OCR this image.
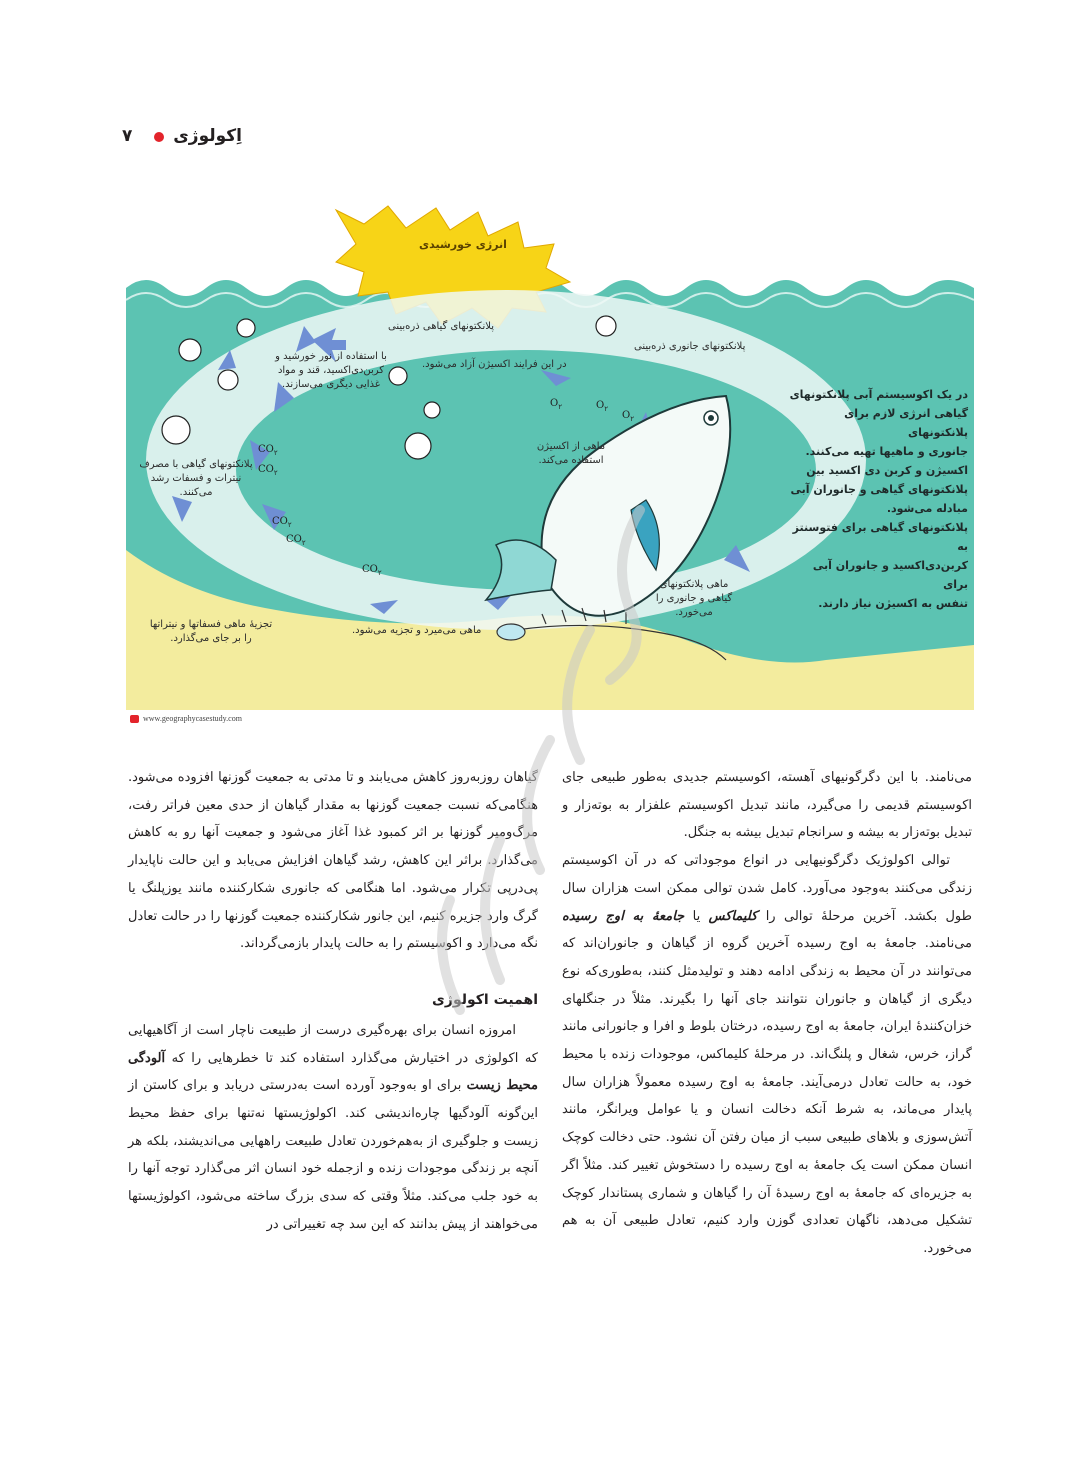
اِکولوژی
۷
انرژی خورشیدی
پلانکتونهای گیاهی ذره‌بینی
پلانکتونهای جانوری ذره‌بینی
در این فرایند اکسیژن آزاد می‌شود.
با استفاده از نور خورشید و کربن‌دی‌اکسید، قند و مواد غذایی دیگری می‌سازند.
ماهی از اکسیژن استفاده می‌کند.
پلانکتونهای گیاهی با مصرف نیترات و فسفات رشد می‌کنند.
ماهی پلانکتونهای گیاهی و جانوری را می‌خورد.
ماهی می‌میرد و تجزیه می‌شود.
تجزیهٔ ماهی فسفاتها و نیتراتها را بر جای می‌گذارد.
$O_۲$	$O_۲$
$O_۲$
$CO_۲$
$CO_۲$
$CO_۲$
$CO_۲$
$CO_۲$
در یک اکوسیستم آبی پلانکتونهای
گیاهی انرژی لازم برای پلانکتونهای
جانوری و ماهیها تهیه می‌کنند.
اکسیژن و کربن دی اکسید بین
پلانکتونهای گیاهی و جانوران آبی
مبادله می‌شود.
پلانکتونهای گیاهی برای فتوسنتز به
کربن‌دی‌اکسید و جانوران آبی برای
تنفس به اکسیژن نیاز دارند.
www.geographycasestudy.com

می‌نامند. با این دگرگونیهای آهسته، اکوسیستم جدیدی به‌طور طبیعی جای اکوسیستم قدیمی را می‌گیرد، مانند تبدیل اکوسیستم علفزار به بوته‌زار و تبدیل بوته‌زار به بیشه و سرانجام تبدیل بیشه به جنگل.

توالی اکولوژیک دگرگونیهایی در انواع موجوداتی که در آن اکوسیستم زندگی می‌کنند به‌وجود می‌آورد. کامل شدن توالی ممکن است هزاران سال طول بکشد. آخرین مرحلهٔ توالی را کلیماکس یا جامعهٔ به اوج رسیده می‌نامند. جامعهٔ به اوج رسیده آخرین گروه از گیاهان و جانوران‌اند که می‌توانند در آن محیط به زندگی ادامه دهند و تولیدمثل کنند، به‌طوری‌که نوع دیگری از گیاهان و جانوران نتوانند جای آنها را بگیرند. مثلاً در جنگلهای خزان‌کنندهٔ ایران، جامعهٔ به اوج رسیده، درختان بلوط و افرا و جانورانی مانند گراز، خرس، شغال و پلنگ‌اند. در مرحلهٔ کلیماکس، موجودات زنده با محیط خود، به حالت تعادل درمی‌آیند. جامعهٔ به اوج رسیده معمولاً هزاران سال پایدار می‌ماند، به شرط آنکه دخالت انسان و یا عوامل ویرانگر، مانند آتش‌سوزی و بلاهای طبیعی سبب از میان رفتن آن نشود. حتی دخالت کوچک انسان ممکن است یک جامعهٔ به اوج رسیده را دستخوش تغییر کند. مثلاً اگر به جزیره‌ای که جامعهٔ به اوج رسیدهٔ آن را گیاهان و شماری پستاندار کوچک تشکیل می‌دهد، ناگهان تعدادی گوزن وارد کنیم، تعادل طبیعی آن به هم می‌خورد.

گیاهان روزبه‌روز کاهش می‌یابند و تا مدتی به جمعیت گوزنها افزوده می‌شود. هنگامی‌که نسبت جمعیت گوزنها به مقدار گیاهان از حدی معین فراتر رفت، مرگ‌ومیر گوزنها بر اثر کمبود غذا آغاز می‌شود و جمعیت آنها رو به کاهش می‌گذارد. براثر این کاهش، رشد گیاهان افزایش می‌یابد و این حالت ناپایدار پی‌درپی تکرار می‌شود. اما هنگامی که جانوری شکارکننده مانند یوزپلنگ یا گرگ وارد جزیره کنیم، این جانور شکارکننده جمعیت گوزنها را در حالت تعادل نگه می‌دارد و اکوسیستم را به حالت پایدار بازمی‌گرداند.

اهمیت اکولوژی

امروزه انسان برای بهره‌گیری درست از طبیعت ناچار است از آگاهیهایی که اکولوژی در اختیارش می‌گذارد استفاده کند تا خطرهایی را که آلودگی محیط زیست برای او به‌وجود آورده است به‌درستی دریابد و برای کاستن از این‌گونه آلودگیها چاره‌اندیشی کند. اکولوژیستها نه‌تنها برای حفظ محیط زیست و جلوگیری از به‌هم‌خوردن تعادل طبیعت راههایی می‌اندیشند، بلکه هر آنچه بر زندگی موجودات زنده و ازجمله خود انسان اثر می‌گذارد توجه آنها را به خود جلب می‌کند. مثلاً وقتی که سدی بزرگ ساخته می‌شود، اکولوژیستها می‌خواهند از پیش بدانند که این سد چه تغییراتی در
